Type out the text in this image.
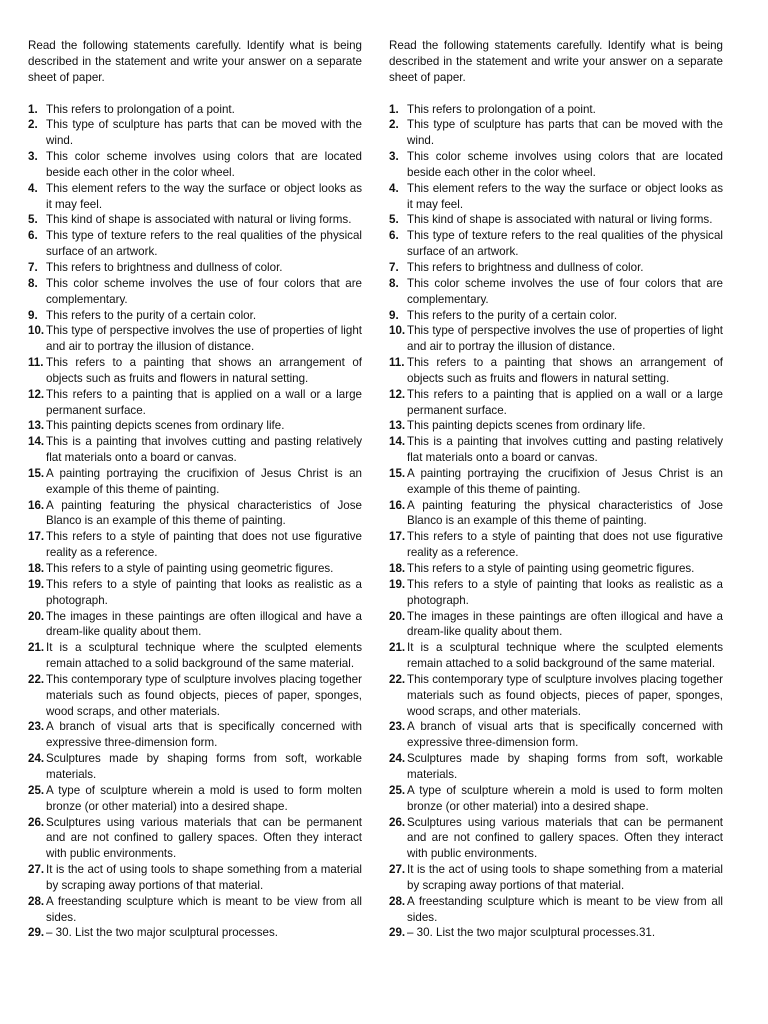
Read the following statements carefully. Identify what is being described in the statement and write your answer on a separate sheet of paper.

1. This refers to prolongation of a point.
2. This type of sculpture has parts that can be moved with the wind.
3. This color scheme involves using colors that are located beside each other in the color wheel.
4. This element refers to the way the surface or object looks as it may feel.
5. This kind of shape is associated with natural or living forms.
6. This type of texture refers to the real qualities of the physical surface of an artwork.
7. This refers to brightness and dullness of color.
8. This color scheme involves the use of four colors that are complementary.
9. This refers to the purity of a certain color.
10. This type of perspective involves the use of properties of light and air to portray the illusion of distance.
11. This refers to a painting that shows an arrangement of objects such as fruits and flowers in natural setting.
12. This refers to a painting that is applied on a wall or a large permanent surface.
13. This painting depicts scenes from ordinary life.
14. This is a painting that involves cutting and pasting relatively flat materials onto a board or canvas.
15. A painting portraying the crucifixion of Jesus Christ is an example of this theme of painting.
16. A painting featuring the physical characteristics of Jose Blanco is an example of this theme of painting.
17. This refers to a style of painting that does not use figurative reality as a reference.
18. This refers to a style of painting using geometric figures.
19. This refers to a style of painting that looks as realistic as a photograph.
20. The images in these paintings are often illogical and have a dream-like quality about them.
21. It is a sculptural technique where the sculpted elements remain attached to a solid background of the same material.
22. This contemporary type of sculpture involves placing together materials such as found objects, pieces of paper, sponges, wood scraps, and other materials.
23. A branch of visual arts that is specifically concerned with expressive three-dimension form.
24. Sculptures made by shaping forms from soft, workable materials.
25. A type of sculpture wherein a mold is used to form molten bronze (or other material) into a desired shape.
26. Sculptures using various materials that can be permanent and are not confined to gallery spaces. Often they interact with public environments.
27. It is the act of using tools to shape something from a material by scraping away portions of that material.
28. A freestanding sculpture which is meant to be view from all sides.
29. – 30. List the two major sculptural processes.

Read the following statements carefully. Identify what is being described in the statement and write your answer on a separate sheet of paper.

1. This refers to prolongation of a point.
2. This type of sculpture has parts that can be moved with the wind.
3. This color scheme involves using colors that are located beside each other in the color wheel.
4. This element refers to the way the surface or object looks as it may feel.
5. This kind of shape is associated with natural or living forms.
6. This type of texture refers to the real qualities of the physical surface of an artwork.
7. This refers to brightness and dullness of color.
8. This color scheme involves the use of four colors that are complementary.
9. This refers to the purity of a certain color.
10. This type of perspective involves the use of properties of light and air to portray the illusion of distance.
11. This refers to a painting that shows an arrangement of objects such as fruits and flowers in natural setting.
12. This refers to a painting that is applied on a wall or a large permanent surface.
13. This painting depicts scenes from ordinary life.
14. This is a painting that involves cutting and pasting relatively flat materials onto a board or canvas.
15. A painting portraying the crucifixion of Jesus Christ is an example of this theme of painting.
16. A painting featuring the physical characteristics of Jose Blanco is an example of this theme of painting.
17. This refers to a style of painting that does not use figurative reality as a reference.
18. This refers to a style of painting using geometric figures.
19. This refers to a style of painting that looks as realistic as a photograph.
20. The images in these paintings are often illogical and have a dream-like quality about them.
21. It is a sculptural technique where the sculpted elements remain attached to a solid background of the same material.
22. This contemporary type of sculpture involves placing together materials such as found objects, pieces of paper, sponges, wood scraps, and other materials.
23. A branch of visual arts that is specifically concerned with expressive three-dimension form.
24. Sculptures made by shaping forms from soft, workable materials.
25. A type of sculpture wherein a mold is used to form molten bronze (or other material) into a desired shape.
26. Sculptures using various materials that can be permanent and are not confined to gallery spaces. Often they interact with public environments.
27. It is the act of using tools to shape something from a material by scraping away portions of that material.
28. A freestanding sculpture which is meant to be view from all sides.
29. – 30. List the two major sculptural processes.31.
